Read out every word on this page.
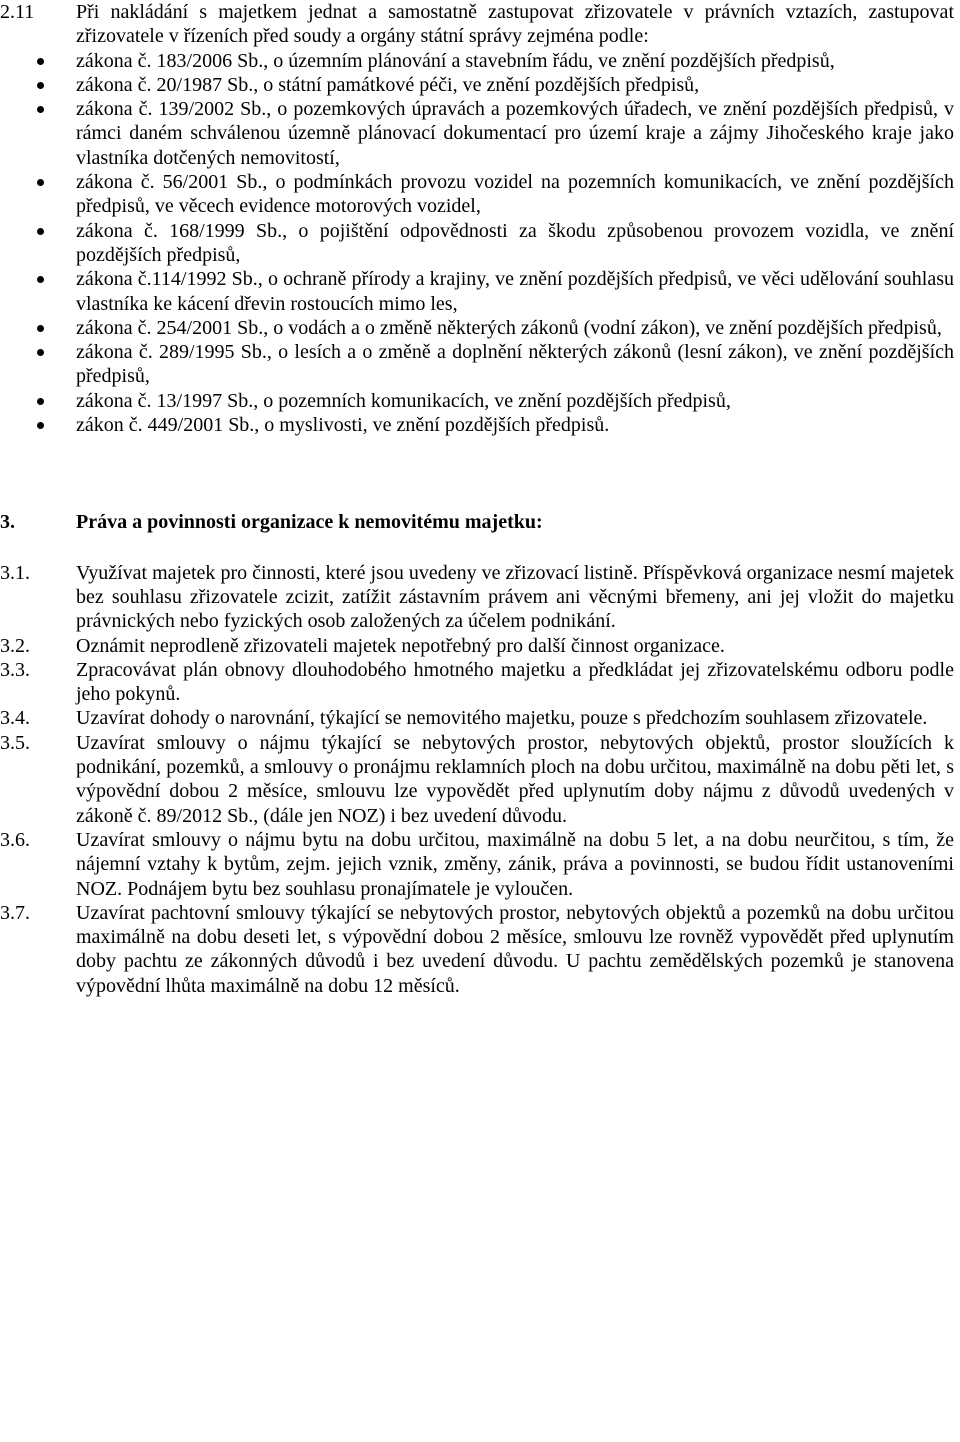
2.11 Při nakládání s majetkem jednat a samostatně zastupovat zřizovatele v právních vztazích, zastupovat zřizovatele v řízeních před soudy a orgány státní správy zejména podle:
zákona č. 183/2006 Sb., o územním plánování a stavebním řádu, ve znění pozdějších předpisů,
zákona č. 20/1987 Sb., o státní památkové péči, ve znění pozdějších předpisů,
zákona č. 139/2002 Sb., o pozemkových úpravách a pozemkových úřadech, ve znění pozdějších předpisů, v rámci daném schválenou územně plánovací dokumentací pro území kraje a zájmy Jihočeského kraje jako vlastníka dotčených nemovitostí,
zákona č. 56/2001 Sb., o podmínkách provozu vozidel na pozemních komunikacích, ve znění pozdějších předpisů, ve věcech evidence motorových vozidel,
zákona č. 168/1999 Sb., o pojištění odpovědnosti za škodu způsobenou provozem vozidla, ve znění pozdějších předpisů,
zákona č.114/1992 Sb., o ochraně přírody a krajiny, ve znění pozdějších předpisů, ve věci udělování souhlasu vlastníka ke kácení dřevin rostoucích mimo les,
zákona č. 254/2001 Sb., o vodách a o změně některých zákonů (vodní zákon), ve znění pozdějších předpisů,
zákona č. 289/1995 Sb., o lesích a o změně a doplnění některých zákonů (lesní zákon), ve znění pozdějších předpisů,
zákona č. 13/1997 Sb., o pozemních komunikacích, ve znění pozdějších předpisů,
zákon č. 449/2001 Sb., o myslivosti, ve znění pozdějších předpisů.
3.	Práva a povinnosti organizace k nemovitému majetku:
3.1. Využívat majetek pro činnosti, které jsou uvedeny ve zřizovací listině. Příspěvková organizace nesmí majetek bez souhlasu zřizovatele zcizit, zatížit zástavním právem ani věcnými břemeny, ani jej vložit do majetku právnických nebo fyzických osob založených za účelem podnikání.
3.2. Oznámit neprodleně zřizovateli majetek nepotřebný pro další činnost organizace.
3.3. Zpracovávat plán obnovy dlouhodobého hmotného majetku a předkládat jej zřizovatelskému odboru podle jeho pokynů.
3.4. Uzavírat dohody o narovnání, týkající se nemovitého majetku, pouze s předchozím souhlasem zřizovatele.
3.5. Uzavírat smlouvy o nájmu týkající se nebytových prostor, nebytových objektů, prostor sloužících k podnikání, pozemků, a smlouvy o pronájmu reklamních ploch na dobu určitou, maximálně na dobu pěti let, s výpovědní dobou 2 měsíce, smlouvu lze vypovědět před uplynutím doby nájmu z důvodů uvedených v zákoně č. 89/2012 Sb., (dále jen NOZ) i bez uvedení důvodu.
3.6. Uzavírat smlouvy o nájmu bytu na dobu určitou, maximálně na dobu 5 let, a na dobu neurčitou, s tím, že nájemní vztahy k bytům, zejm. jejich vznik, změny, zánik, práva a povinnosti, se budou řídit ustanoveními NOZ. Podnájem bytu bez souhlasu pronajímatele je vyloučen.
3.7. Uzavírat pachtovní smlouvy týkající se nebytových prostor, nebytových objektů a pozemků na dobu určitou maximálně na dobu deseti let, s výpovědní dobou 2 měsíce, smlouvu lze rovněž vypovědět před uplynutím doby pachtu ze zákonných důvodů i bez uvedení důvodu. U pachtu zemědělských pozemků je stanovena výpovědní lhůta maximálně na dobu 12 měsíců.
